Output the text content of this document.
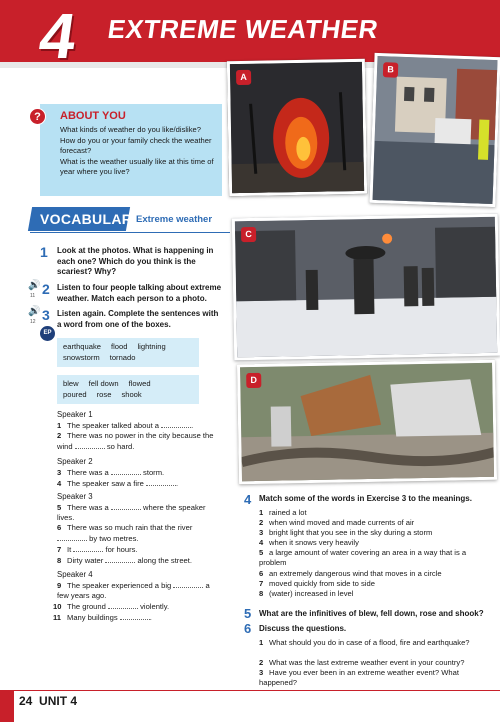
4 EXTREME WEATHER
A
B
C
D
?	ABOUT YOU
What kinds of weather do you like/dislike?
How do you or your family check the weather forecast?
What is the weather usually like at this time of year where you live?
VOCABULARY
Extreme weather
1 Look at the photos. What is happening in each one? Which do you think is the scariest? Why?
🔊
11 2 Listen to four people talking about extreme weather. Match each person to a photo.
🔊
12 3 Listen again. Complete the sentences with a word from one of the boxes.
EP
earthquake flood lightning
snowstorm tornado
blew fell down flowed
poured rose shook
Speaker 1
1 The speaker talked about a	.
2 There was no power in the city because the wind	so hard.
Speaker 2
3 There was a	storm.
4 The speaker saw a fire	.
Speaker 3
5 There was a	where the speaker lives.
6 There was so much rain that the river  by two metres.
7 It	for hours.
8 Dirty water	along the street.
Speaker 4
9 The speaker experienced a big	a few years ago.
10 The ground	violently.
11 Many buildings	.
4 Match some of the words in Exercise 3 to the meanings.
1 rained a lot
2 when wind moved and made currents of air
3 bright light that you see in the sky during a storm
4 when it snows very heavily
5 a large amount of water covering an area in a way that is a problem
6 an extremely dangerous wind that moves in a circle
7 moved quickly from side to side
8 (water) increased in level
5 What are the infinitives of blew, fell down, rose and shook?
6 Discuss the questions.
1 What should you do in case of a flood, fire and earthquake?
2 What was the last extreme weather event in your country?
3 Have you ever been in an extreme weather event? What happened?
24 UNIT 4
